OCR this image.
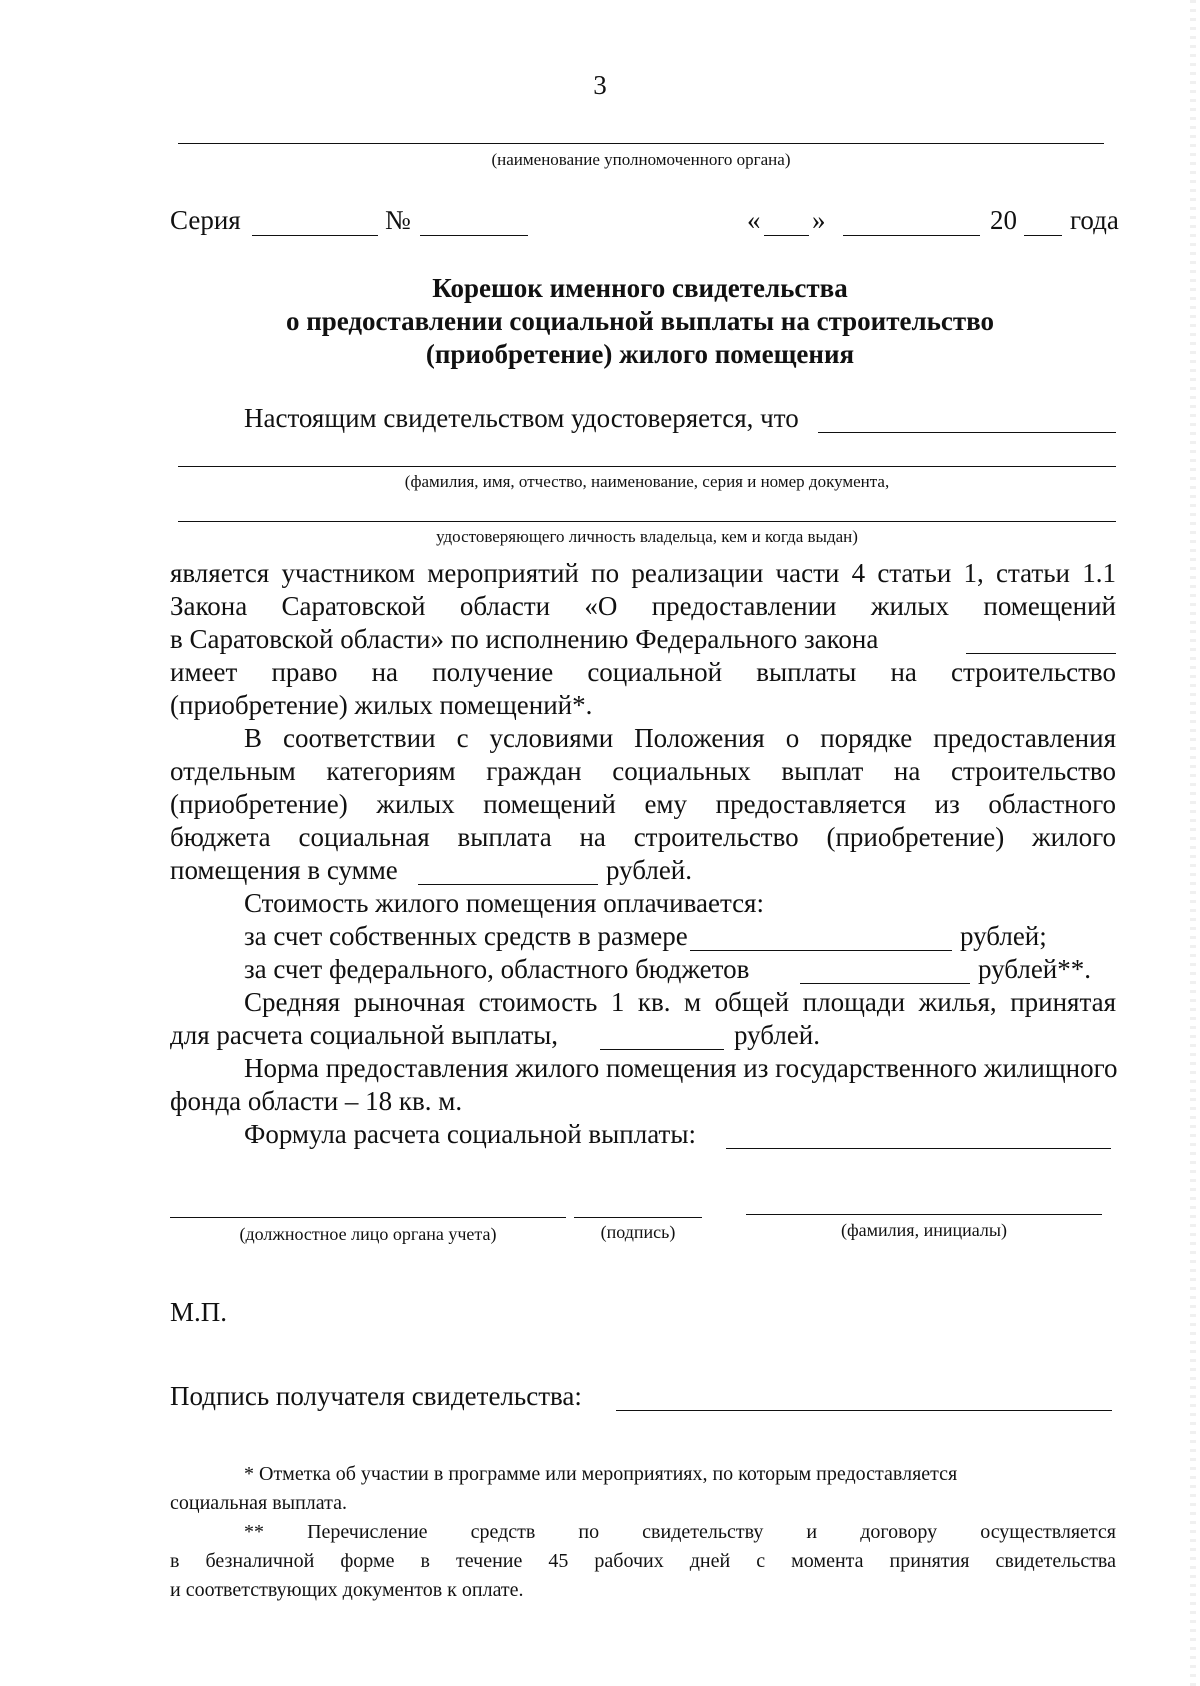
3
(наименование уполномоченного органа)
Серия	№	« »	20 года
Корешок именного свидетельства
о предоставлении социальной выплаты на строительство
(приобретение) жилого помещения
Настоящим свидетельством удостоверяется, что
(фамилия, имя, отчество, наименование, серия и номер документа,
удостоверяющего личность владельца, кем и когда выдан)
является участником мероприятий по реализации части 4 статьи 1, статьи 1.1
Закона Саратовской области «О предоставлении жилых помещений
в Саратовской области» по исполнению Федерального закона
имеет право на получение социальной выплаты на строительство
(приобретение) жилых помещений*.
В соответствии с условиями Положения о порядке предоставления
отдельным категориям граждан социальных выплат на строительство
(приобретение) жилых помещений ему предоставляется из областного
бюджета социальная выплата на строительство (приобретение) жилого
помещения в сумме	рублей.
Стоимость жилого помещения оплачивается:
за счет собственных средств в размере	рублей;
за счет федерального, областного бюджетов	рублей**.
Средняя рыночная стоимость 1 кв. м общей площади жилья, принятая
для расчета социальной выплаты,	рублей.
Норма предоставления жилого помещения из государственного жилищного
фонда области – 18 кв. м.
Формула расчета социальной выплаты:
(должностное лицо органа учета)	(подпись)	(фамилия, инициалы)
М.П.
Подпись получателя свидетельства:
* Отметка об участии в программе или мероприятиях, по которым предоставляется
социальная выплата.
** Перечисление средств по свидетельству и договору осуществляется
в безналичной форме в течение 45 рабочих дней с момента принятия свидетельства
и соответствующих документов к оплате.
